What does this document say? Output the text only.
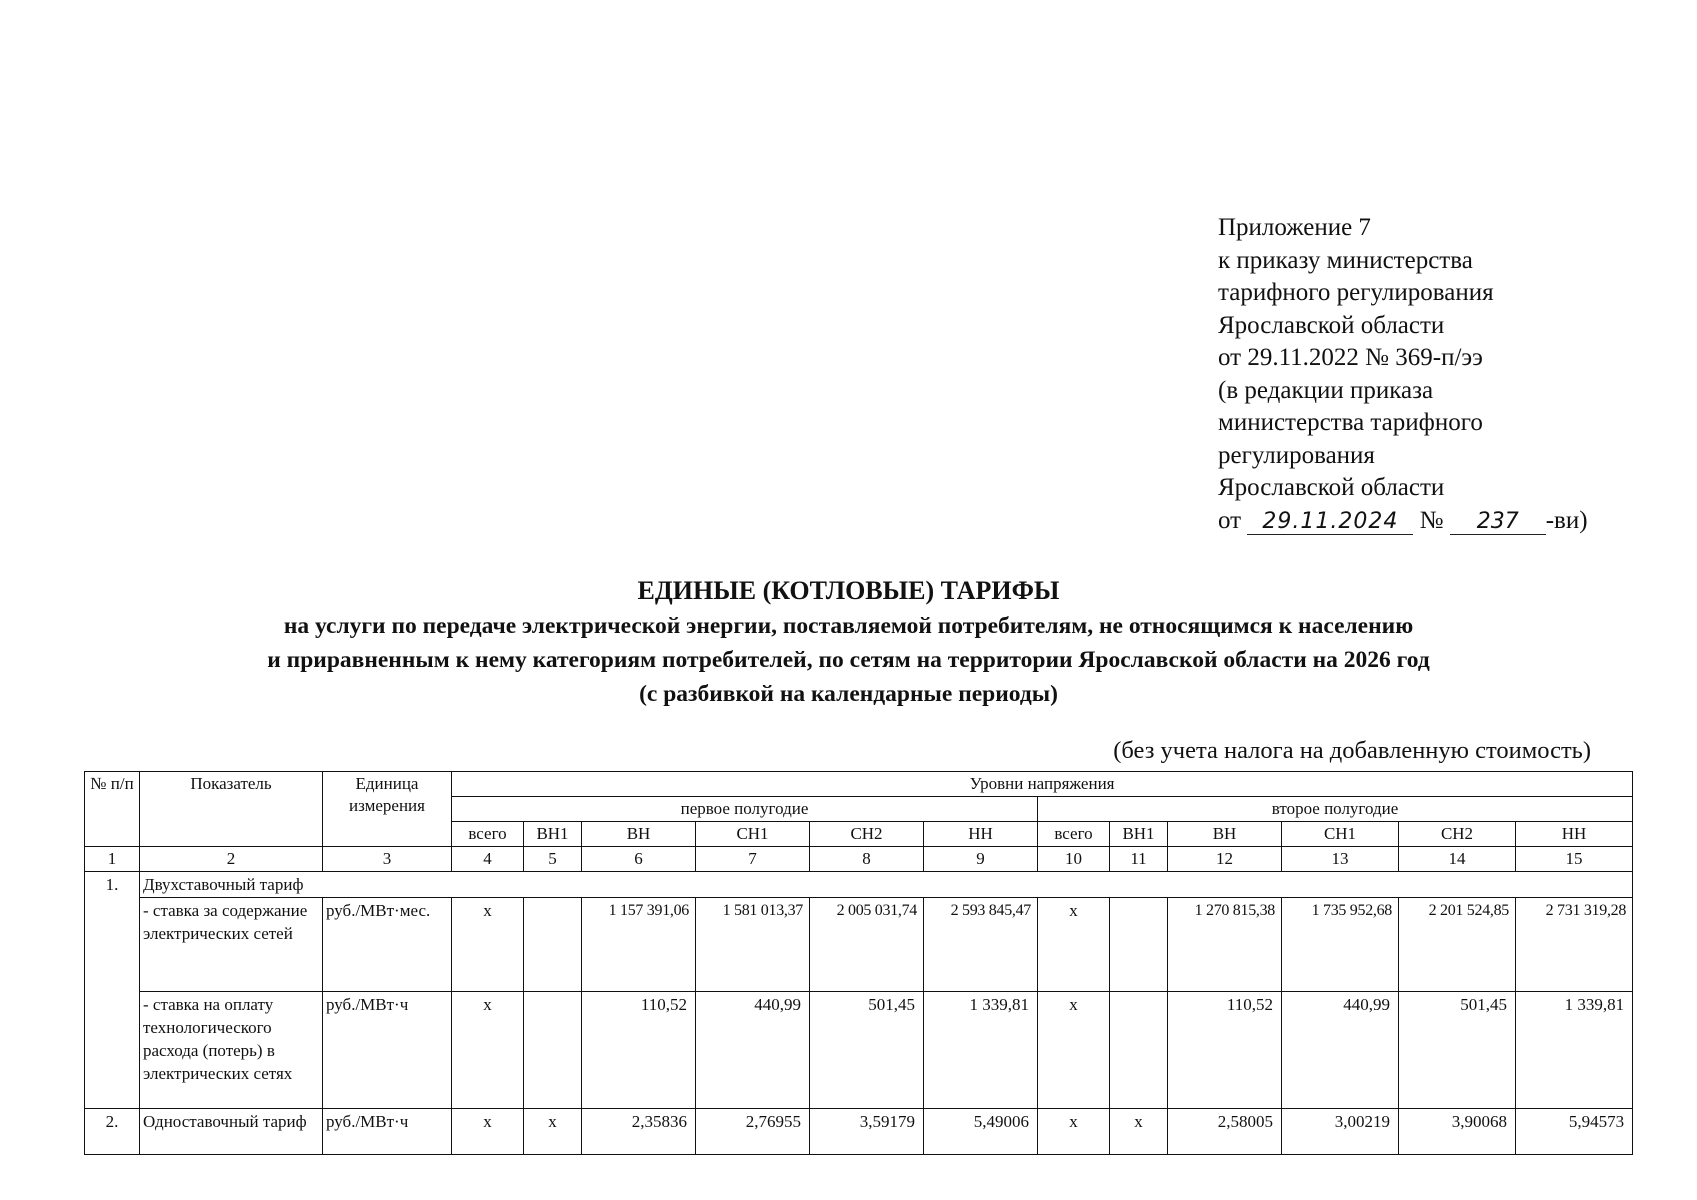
Приложение 7
к приказу министерства
тарифного регулирования
Ярославской области
от 29.11.2022 № 369-п/ээ
(в редакции приказа
министерства тарифного
регулирования
Ярославской области
от 29.11.2024 № 237 -ви)
ЕДИНЫЕ (КОТЛОВЫЕ) ТАРИФЫ
на услуги по передаче электрической энергии, поставляемой потребителям, не относящимся к населению
и приравненным к нему категориям потребителей, по сетям на территории Ярославской области на 2026 год
(с разбивкой на календарные периоды)
(без учета налога на добавленную стоимость)
№ п/п	Показатель	Единица измерения	Уровни напряжения											
			первое полугодие						второе полугодие					
			всего	ВН1	ВН	СН1	СН2	НН	всего	ВН1	ВН	СН1	СН2	НН
1	2	3	4	5	6	7	8	9	10	11	12	13	14	15
1.	Двухставочный тариф													
	- ставка за содержание электрических сетей	руб./МВт·мес.	х		1 157 391,06	1 581 013,37	2 005 031,74	2 593 845,47	х		1 270 815,38	1 735 952,68	2 201 524,85	2 731 319,28
	- ставка на оплату технологического расхода (потерь) в электрических сетях	руб./МВт·ч	х		110,52	440,99	501,45	1 339,81	х		110,52	440,99	501,45	1 339,81
2.	Одноставочный тариф	руб./МВт·ч	х	х	2,35836	2,76955	3,59179	5,49006	х	х	2,58005	3,00219	3,90068	5,94573
